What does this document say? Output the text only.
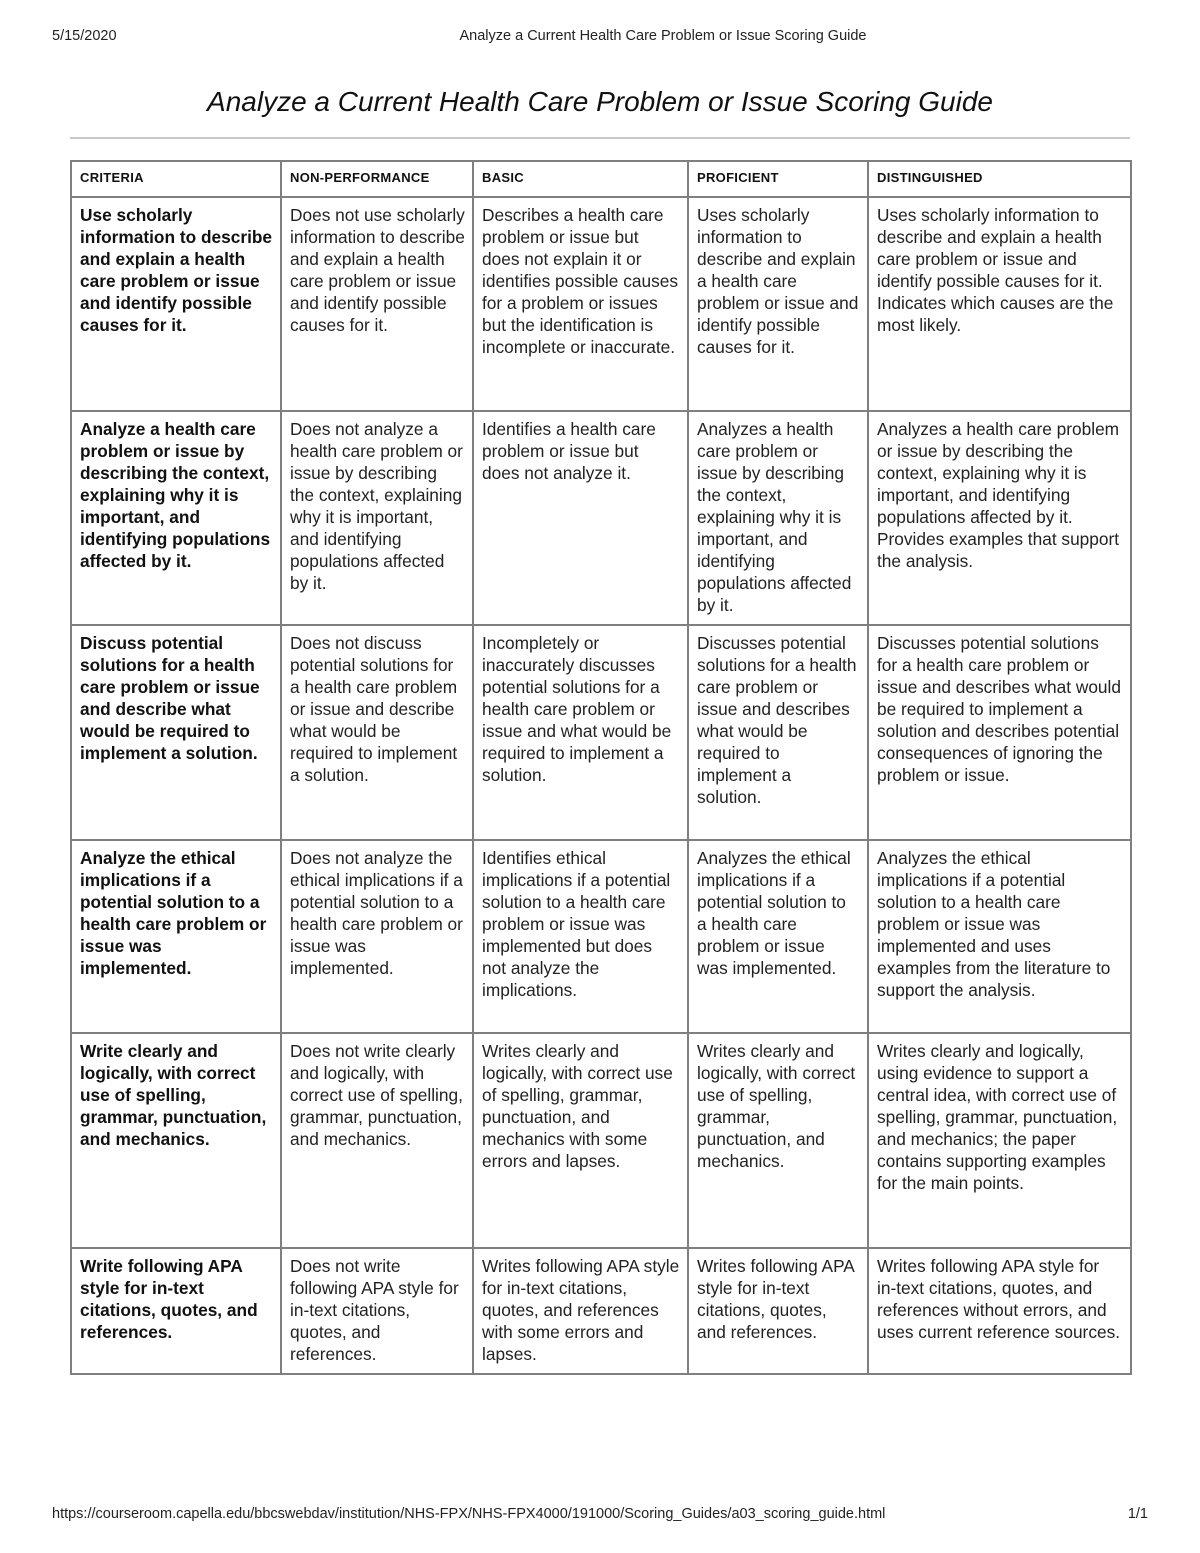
5/15/2020	Analyze a Current Health Care Problem or Issue Scoring Guide
Analyze a Current Health Care Problem or Issue Scoring Guide
CRITERIA	NON-PERFORMANCE	BASIC	PROFICIENT	DISTINGUISHED
Use scholarly information to describe and explain a health care problem or issue and identify possible causes for it.	Does not use scholarly information to describe and explain a health care problem or issue and identify possible causes for it.	Describes a health care problem or issue but does not explain it or identifies possible causes for a problem or issues but the identification is incomplete or inaccurate.	Uses scholarly information to describe and explain a health care problem or issue and identify possible causes for it.	Uses scholarly information to describe and explain a health care problem or issue and identify possible causes for it. Indicates which causes are the most likely.
Analyze a health care problem or issue by describing the context, explaining why it is important, and identifying populations affected by it.	Does not analyze a health care problem or issue by describing the context, explaining why it is important, and identifying populations affected by it.	Identifies a health care problem or issue but does not analyze it.	Analyzes a health care problem or issue by describing the context, explaining why it is important, and identifying populations affected by it.	Analyzes a health care problem or issue by describing the context, explaining why it is important, and identifying populations affected by it. Provides examples that support the analysis.
Discuss potential solutions for a health care problem or issue and describe what would be required to implement a solution.	Does not discuss potential solutions for a health care problem or issue and describe what would be required to implement a solution.	Incompletely or inaccurately discusses potential solutions for a health care problem or issue and what would be required to implement a solution.	Discusses potential solutions for a health care problem or issue and describes what would be required to implement a solution.	Discusses potential solutions for a health care problem or issue and describes what would be required to implement a solution and describes potential consequences of ignoring the problem or issue.
Analyze the ethical implications if a potential solution to a health care problem or issue was implemented.	Does not analyze the ethical implications if a potential solution to a health care problem or issue was implemented.	Identifies ethical implications if a potential solution to a health care problem or issue was implemented but does not analyze the implications.	Analyzes the ethical implications if a potential solution to a health care problem or issue was implemented.	Analyzes the ethical implications if a potential solution to a health care problem or issue was implemented and uses examples from the literature to support the analysis.
Write clearly and logically, with correct use of spelling, grammar, punctuation, and mechanics.	Does not write clearly and logically, with correct use of spelling, grammar, punctuation, and mechanics.	Writes clearly and logically, with correct use of spelling, grammar, punctuation, and mechanics with some errors and lapses.	Writes clearly and logically, with correct use of spelling, grammar, punctuation, and mechanics.	Writes clearly and logically, using evidence to support a central idea, with correct use of spelling, grammar, punctuation, and mechanics; the paper contains supporting examples for the main points.
Write following APA style for in-text citations, quotes, and references.	Does not write following APA style for in-text citations, quotes, and references.	Writes following APA style for in-text citations, quotes, and references with some errors and lapses.	Writes following APA style for in-text citations, quotes, and references.	Writes following APA style for in-text citations, quotes, and references without errors, and uses current reference sources.
https://courseroom.capella.edu/bbcswebdav/institution/NHS-FPX/NHS-FPX4000/191000/Scoring_Guides/a03_scoring_guide.html	1/1
